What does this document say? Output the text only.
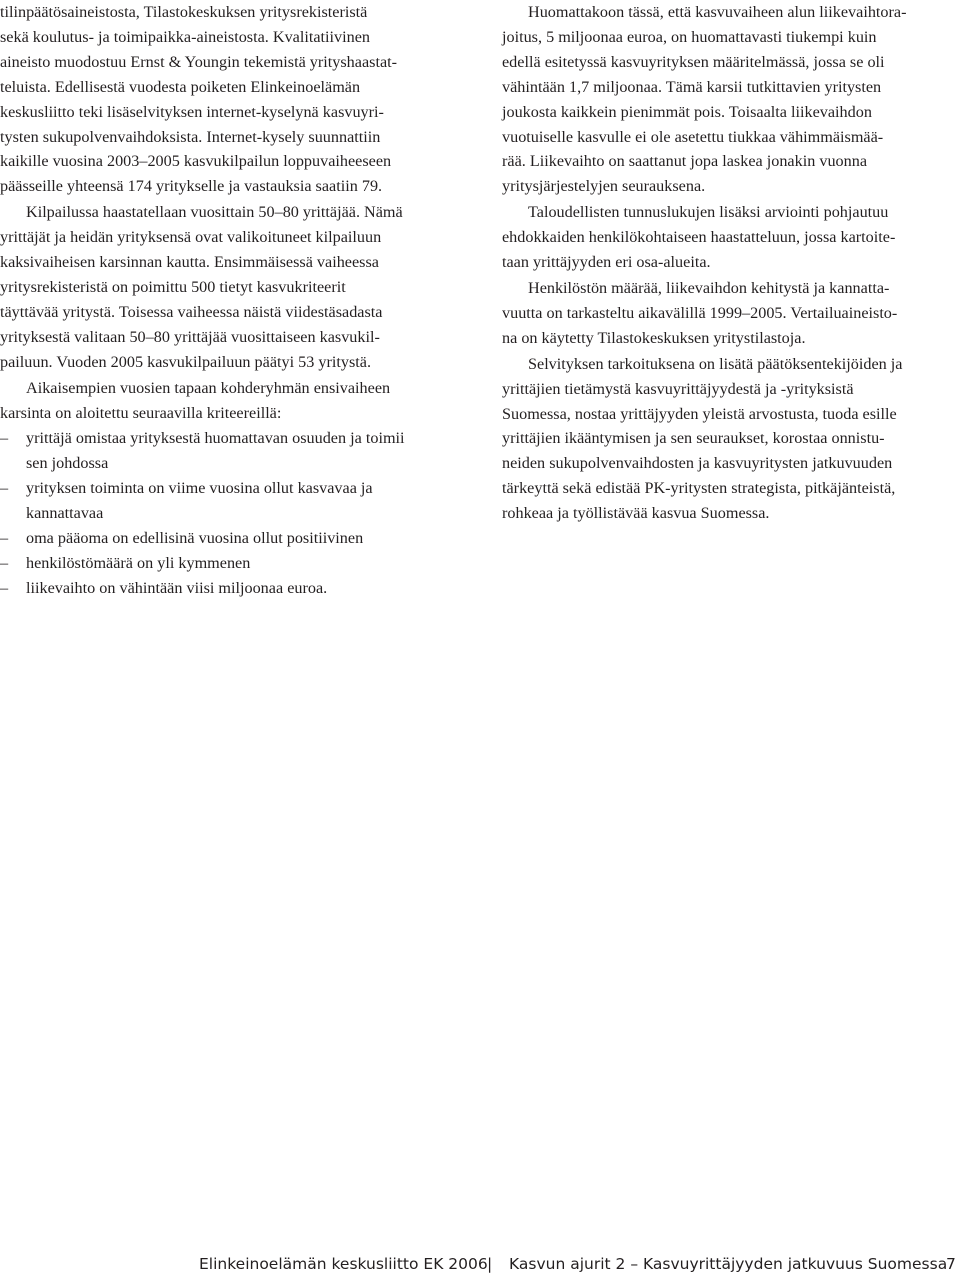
tilinpäätösaineistosta, Tilastokeskuksen yritysrekisteristä
sekä koulutus- ja toimipaikka-aineistosta. Kvalitatiivinen
aineisto muodostuu Ernst & Youngin tekemistä yrityshaastat-
teluista. Edellisestä vuodesta poiketen Elinkeinoelämän
keskusliitto teki lisäselvityksen internet-kyselynä kasvuyri-
tysten sukupolvenvaihdoksista. Internet-kysely suunnattiin
kaikille vuosina 2003–2005 kasvukilpailun loppuvaiheeseen
päässeille yhteensä 174 yritykselle ja vastauksia saatiin 79.

Kilpailussa haastatellaan vuosittain 50–80 yrittäjää. Nämä
yrittäjät ja heidän yrityksensä ovat valikoituneet kilpailuun
kaksivaiheisen karsinnan kautta. Ensimmäisessä vaiheessa
yritysrekisteristä on poimittu 500 tietyt kasvukriteerit
täyttävää yritystä. Toisessa vaiheessa näistä viidestäsadasta
yrityksestä valitaan 50–80 yrittäjää vuosittaiseen kasvukil-
pailuun. Vuoden 2005 kasvukilpailuun päätyi 53 yritystä.

Aikaisempien vuosien tapaan kohderyhmän ensivaiheen
karsinta on aloitettu seuraavilla kriteereillä:

– yrittäjä omistaa yrityksestä huomattavan osuuden ja toimii
sen johdossa
– yrityksen toiminta on viime vuosina ollut kasvavaa ja
kannattavaa
– oma pääoma on edellisinä vuosina ollut positiivinen
– henkilöstömäärä on yli kymmenen
– liikevaihto on vähintään viisi miljoonaa euroa.

Huomattakoon tässä, että kasvuvaiheen alun liikevaihtora-
joitus, 5 miljoonaa euroa, on huomattavasti tiukempi kuin
edellä esitetyssä kasvuyrityksen määritelmässä, jossa se oli
vähintään 1,7 miljoonaa. Tämä karsii tutkittavien yritysten
joukosta kaikkein pienimmät pois. Toisaalta liikevaihdon
vuotuiselle kasvulle ei ole asetettu tiukkaa vähimmäismää-
rää. Liikevaihto on saattanut jopa laskea jonakin vuonna
yritysjärjestelyjen seurauksena.

Taloudellisten tunnuslukujen lisäksi arviointi pohjautuu
ehdokkaiden henkilökohtaiseen haastatteluun, jossa kartoite-
taan yrittäjyyden eri osa-alueita.

Henkilöstön määrää, liikevaihdon kehitystä ja kannatta-
vuutta on tarkasteltu aikavälillä 1999–2005. Vertailuaineisto-
na on käytetty Tilastokeskuksen yritystilastoja.

Selvityksen tarkoituksena on lisätä päätöksentekijöiden ja
yrittäjien tietämystä kasvuyrittäjyydestä ja -yrityksistä
Suomessa, nostaa yrittäjyyden yleistä arvostusta, tuoda esille
yrittäjien ikääntymisen ja sen seuraukset, korostaa onnistu-
neiden sukupolvenvaihdosten ja kasvuyritysten jatkuvuuden
tärkeyttä sekä edistää PK-yritysten strategista, pitkäjänteistä,
rohkeaa ja työllistävää kasvua Suomessa.

Elinkeinoelämän keskusliitto EK 2006 | Kasvun ajurit 2 – Kasvuyrittäjyyden jatkuvuus Suomessa
7
